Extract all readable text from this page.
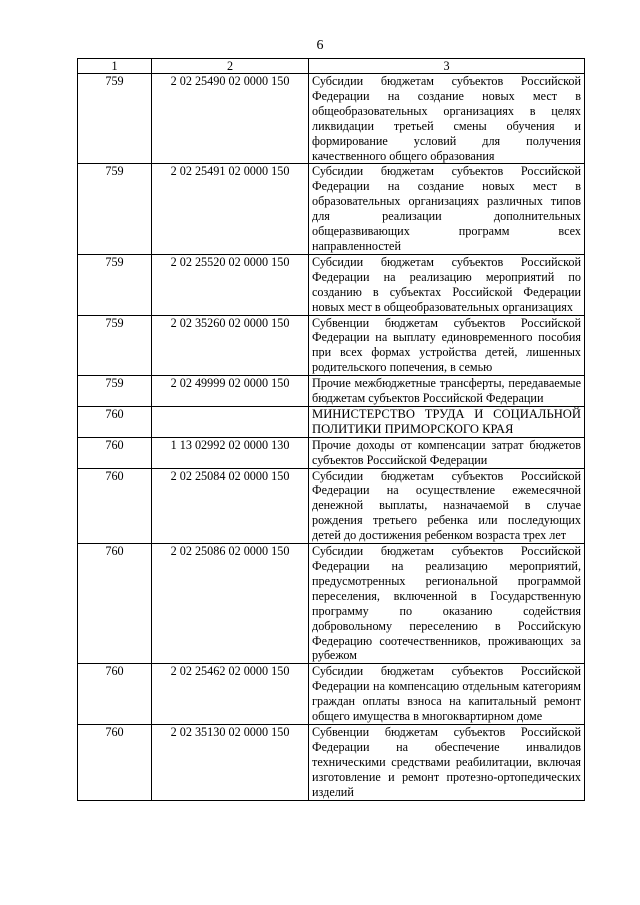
6
1	2	3
759	2 02 25490 02 0000 150	Субсидии бюджетам субъектов Российской Федерации на создание новых мест в общеобразовательных организациях в целях ликвидации третьей смены обучения и формирование условий для получения качественного общего образования
759	2 02 25491 02 0000 150	Субсидии бюджетам субъектов Российской Федерации на создание новых мест в образовательных организациях различных типов для реализации дополнительных общеразвивающих программ всех направленностей
759	2 02 25520 02 0000 150	Субсидии бюджетам субъектов Российской Федерации на реализацию мероприятий по созданию в субъектах Российской Федерации новых мест в общеобразовательных организациях
759	2 02 35260 02 0000 150	Субвенции бюджетам субъектов Российской Федерации на выплату единовременного пособия при всех формах устройства детей, лишенных родительского попечения, в семью
759	2 02 49999 02 0000 150	Прочие межбюджетные трансферты, передаваемые бюджетам субъектов Российской Федерации
760		МИНИСТЕРСТВО ТРУДА И СОЦИАЛЬНОЙ ПОЛИТИКИ ПРИМОРСКОГО КРАЯ
760	1 13 02992 02 0000 130	Прочие доходы от компенсации затрат бюджетов субъектов Российской Федерации
760	2 02 25084 02 0000 150	Субсидии бюджетам субъектов Российской Федерации на осуществление ежемесячной денежной выплаты, назначаемой в случае рождения третьего ребенка или последующих детей до достижения ребенком возраста трех лет
760	2 02 25086 02 0000 150	Субсидии бюджетам субъектов Российской Федерации на реализацию мероприятий, предусмотренных региональной программой переселения, включенной в Государственную программу по оказанию содействия добровольному переселению в Российскую Федерацию соотечественников, проживающих за рубежом
760	2 02 25462 02 0000 150	Субсидии бюджетам субъектов Российской Федерации на компенсацию отдельным категориям граждан оплаты взноса на капитальный ремонт общего имущества в многоквартирном доме
760	2 02 35130 02 0000 150	Субвенции бюджетам субъектов Российской Федерации на обеспечение инвалидов техническими средствами реабилитации, включая изготовление и ремонт протезно-ортопедических изделий
